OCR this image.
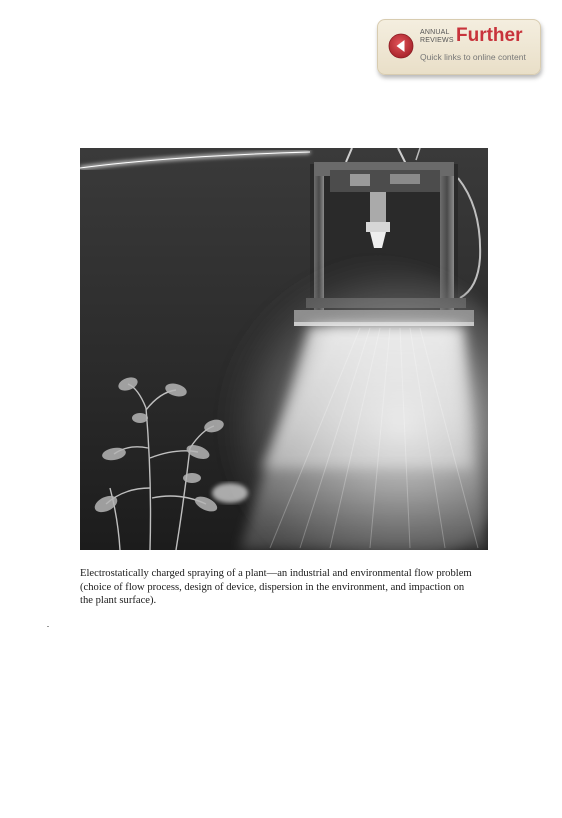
ANNUAL
REVIEWS Further
Quick links to online content
Electrostatically charged spraying of a plant—an industrial and environmental flow problem
(choice of flow process, design of device, dispersion in the environment, and impaction on
the plant surface).
